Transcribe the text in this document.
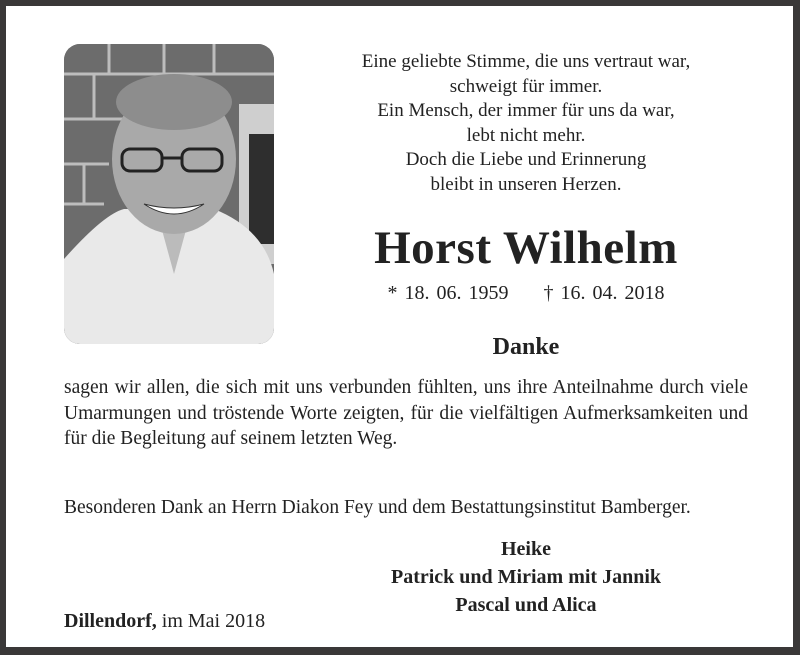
Eine geliebte Stimme, die uns vertraut war,
schweigt für immer.
Ein Mensch, der immer für uns da war,
lebt nicht mehr.
Doch die Liebe und Erinnerung
bleibt in unseren Herzen.
Horst Wilhelm
* 18. 06. 1959 † 16. 04. 2018
Danke

sagen wir allen, die sich mit uns verbunden fühlten, uns ihre Anteilnahme durch viele Umarmungen und tröstende Worte zeigten, für die vielfältigen Aufmerksamkeiten und für die Begleitung auf seinem letzten Weg.

Besonderen Dank an Herrn Diakon Fey und dem Bestattungsinstitut Bamberger.
Heike
Patrick und Miriam mit Jannik
Pascal und Alica
Dillendorf, im Mai 2018
